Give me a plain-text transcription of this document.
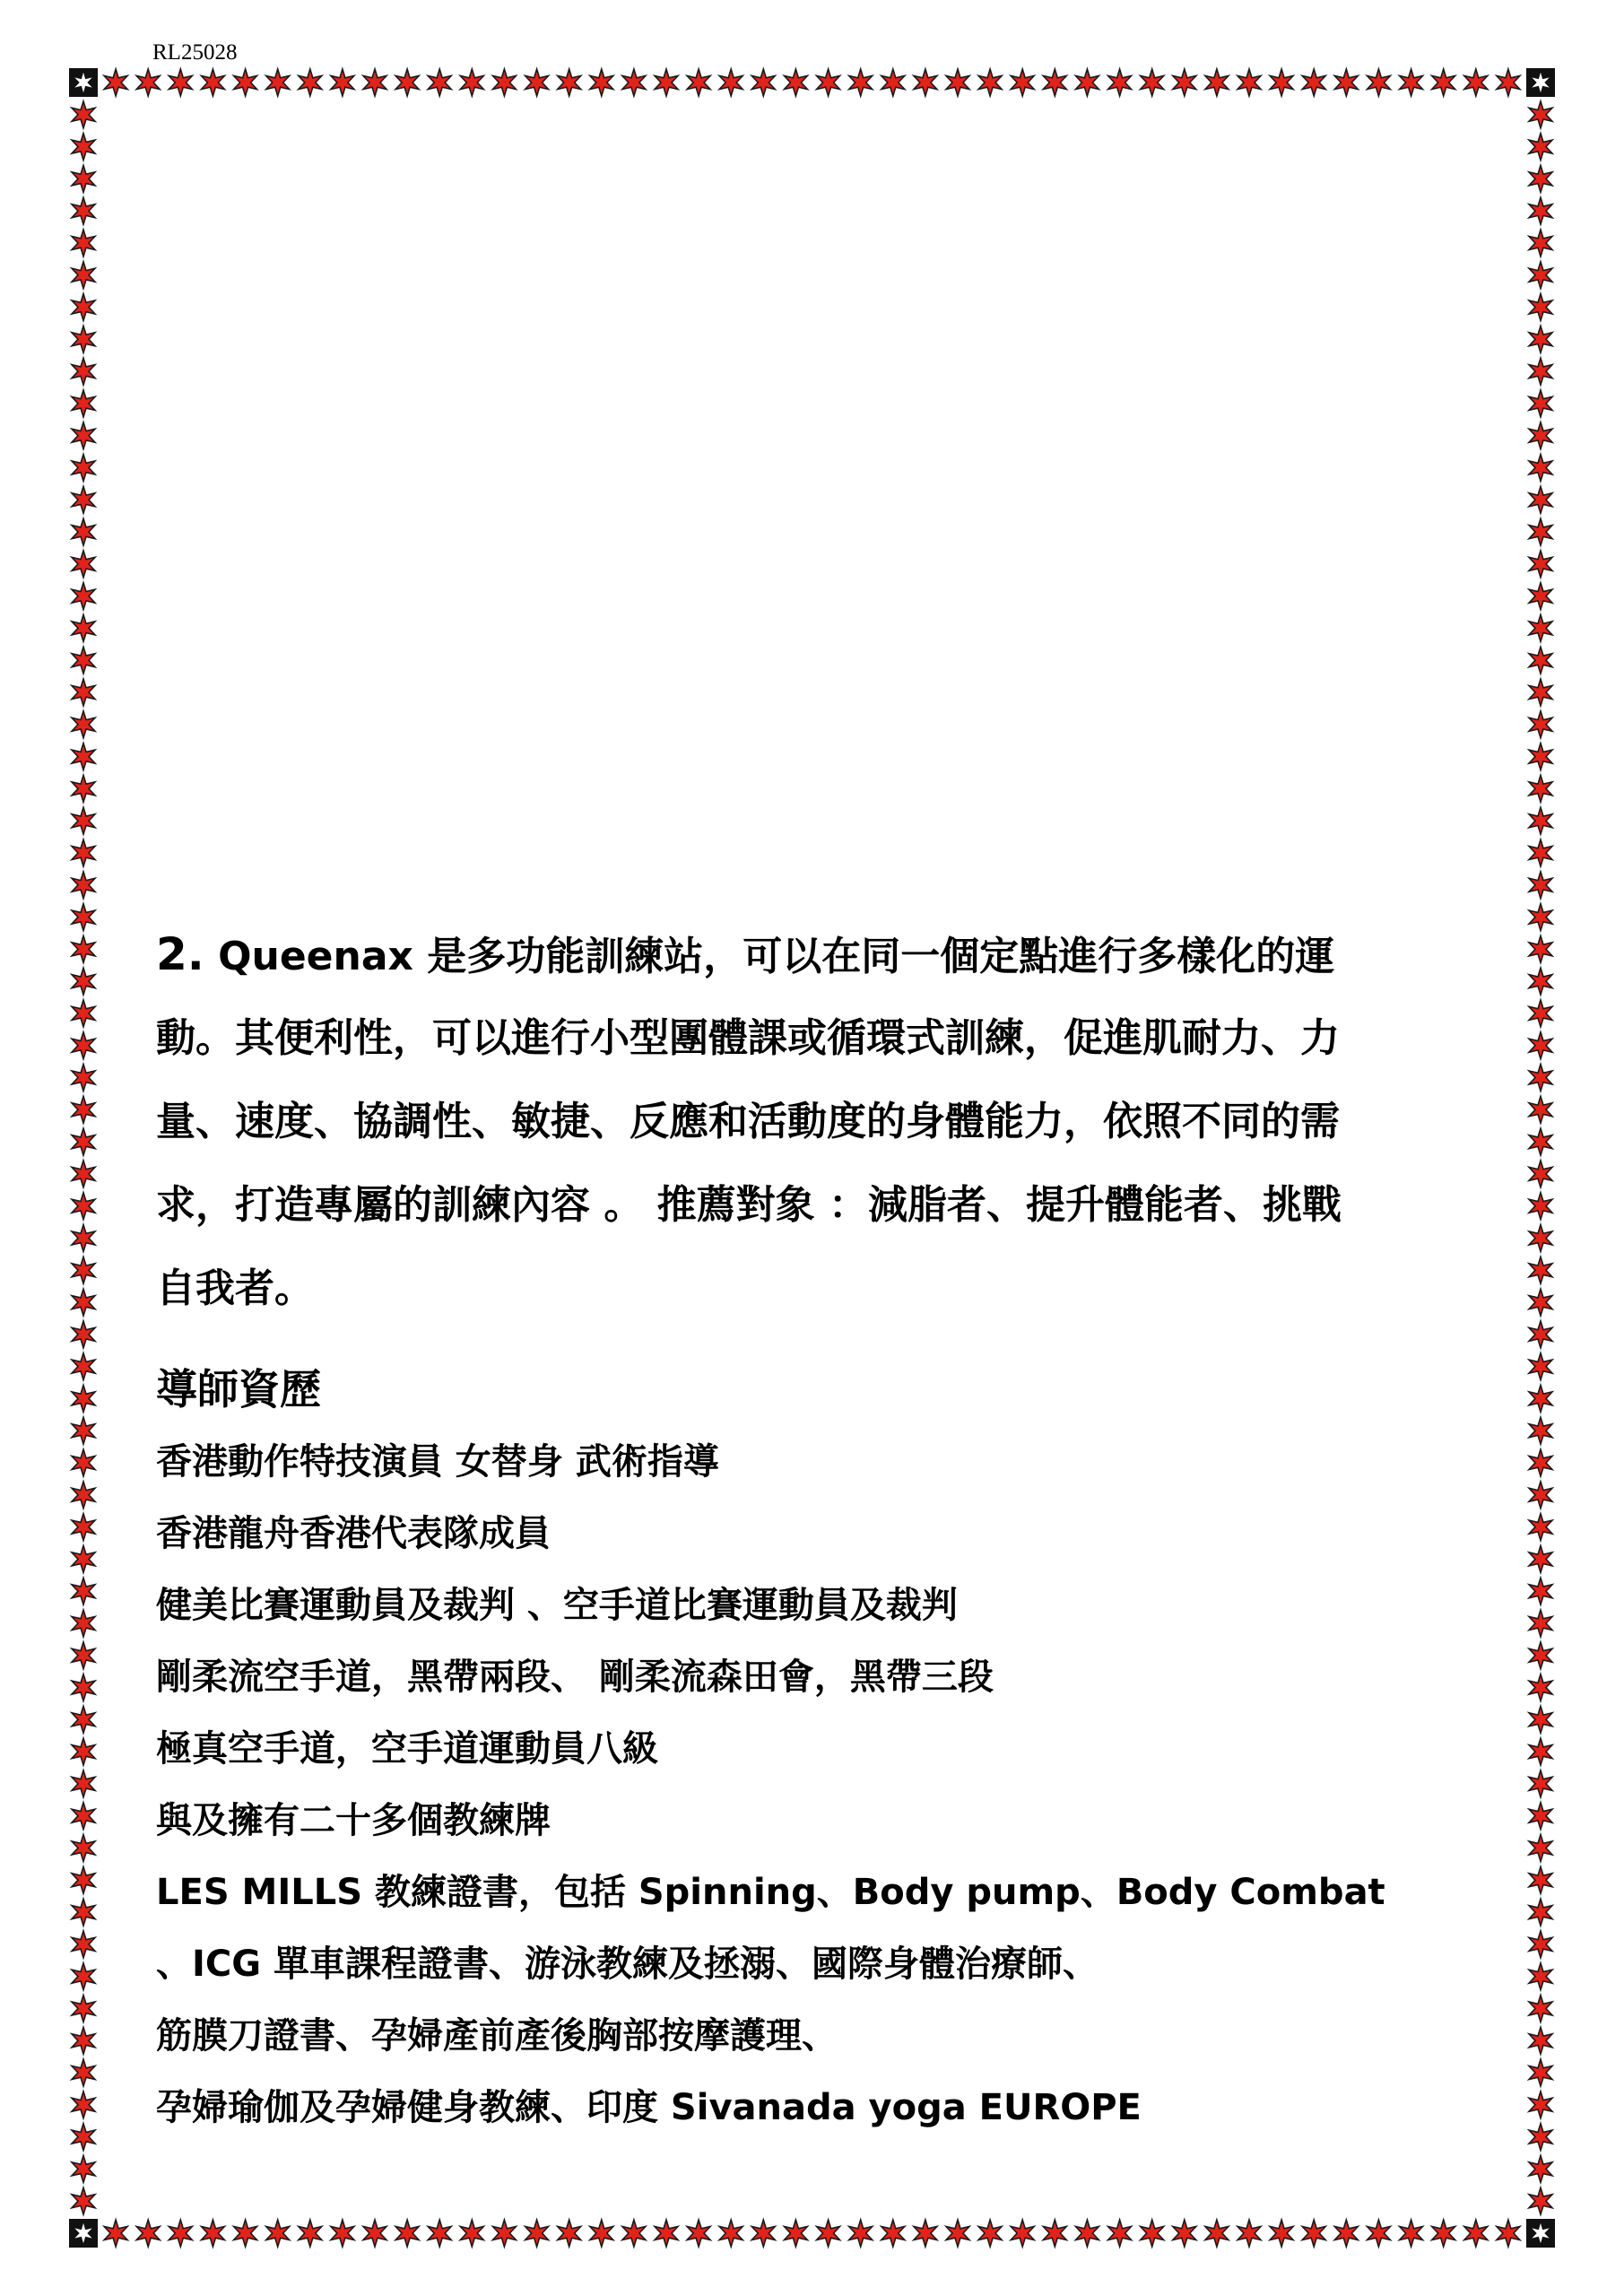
RL25028
2. Queenax 是多功能訓練站，可以在同一個定點進行多樣化的運
動。其便利性，可以進行小型團體課或循環式訓練，促進肌耐力、力
量、速度、協調性、敏捷、反應和活動度的身體能力，依照不同的需
求，打造專屬的訓練內容 。 推薦對象 ：減脂者、提升體能者、挑戰
自我者。
導師資歷
香港動作特技演員 女替身 武術指導
香港龍舟香港代表隊成員
健美比賽運動員及裁判 、空手道比賽運動員及裁判
剛柔流空手道，黑帶兩段、 剛柔流森田會，黑帶三段
極真空手道，空手道運動員八級
與及擁有二十多個教練牌
LES MILLS 教練證書，包括 Spinning、Body pump、Body Combat
、ICG 單車課程證書、游泳教練及拯溺、國際身體治療師、
筋膜刀證書、孕婦產前產後胸部按摩護理、
孕婦瑜伽及孕婦健身教練、印度 Sivanada yoga EUROPE
